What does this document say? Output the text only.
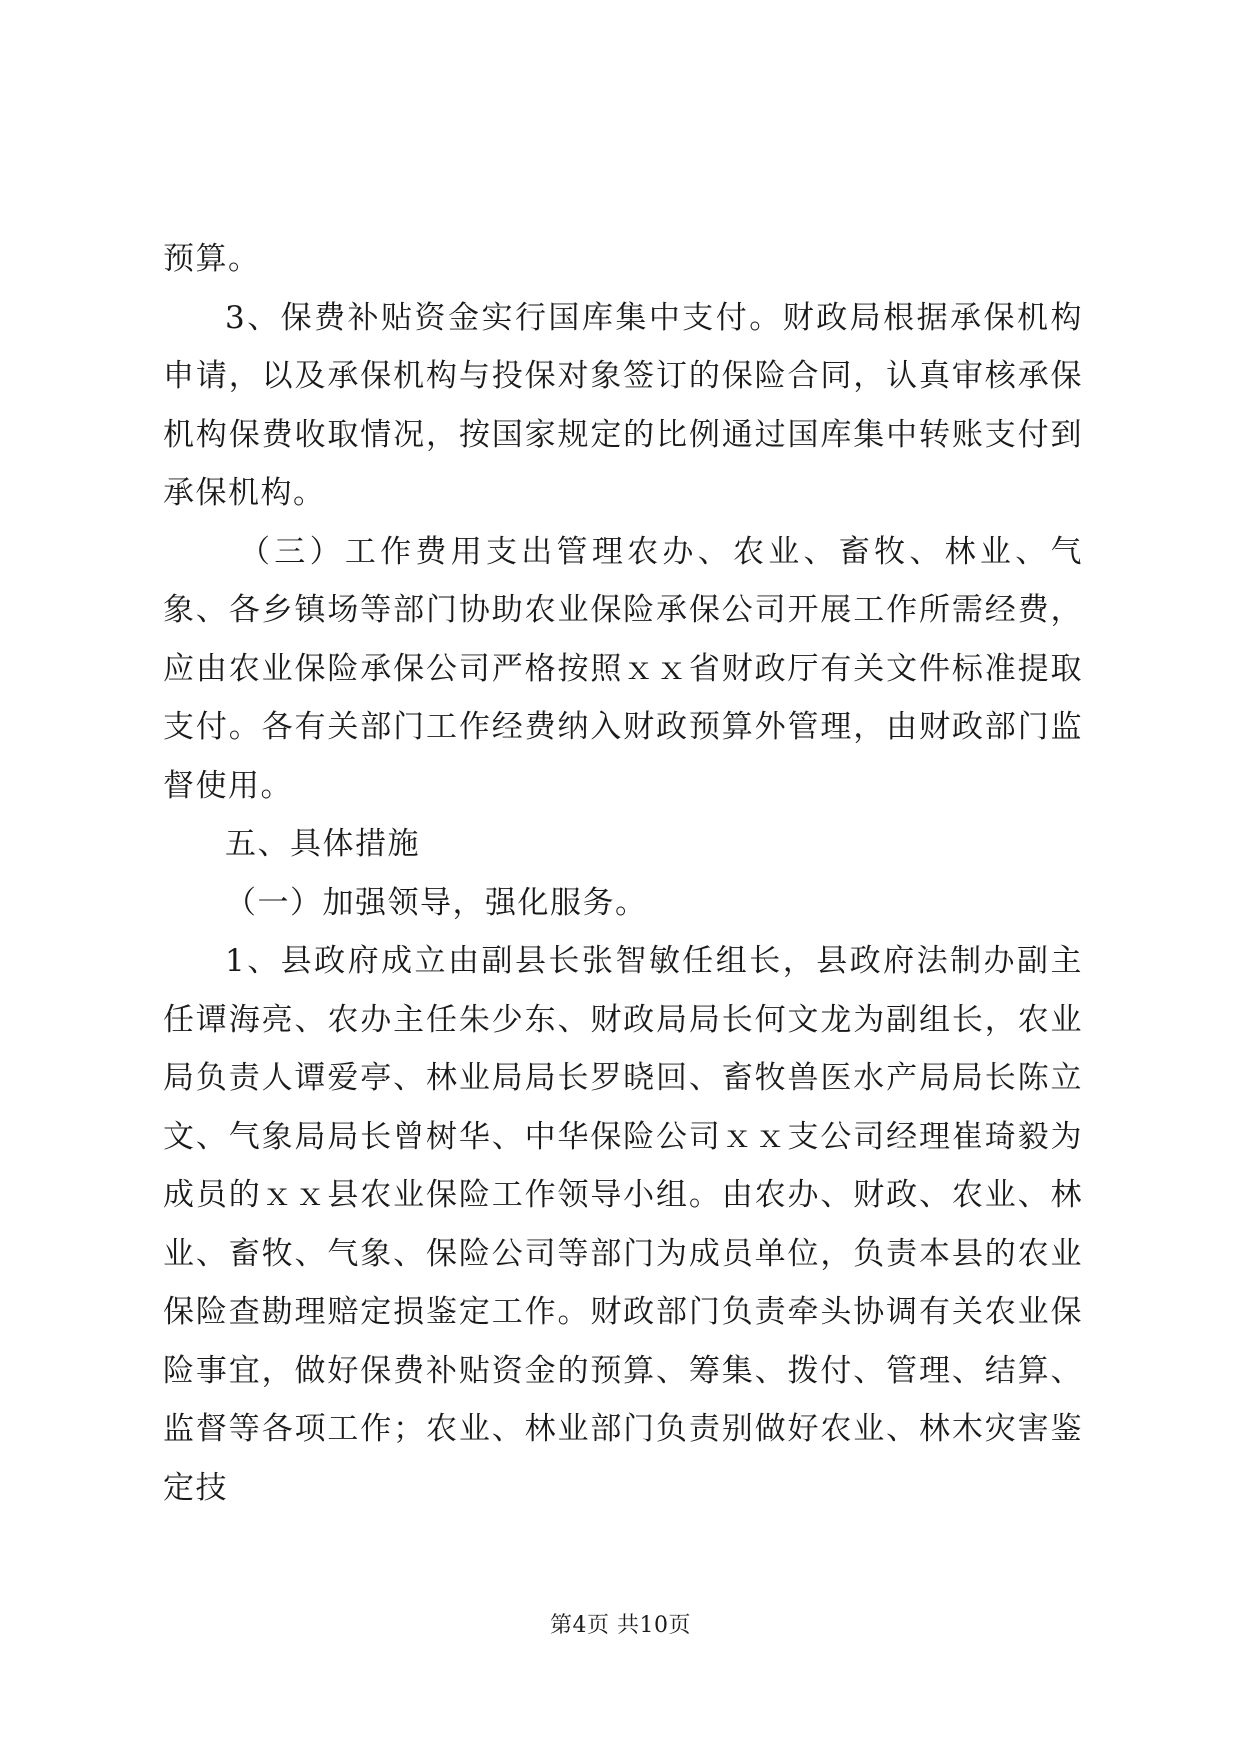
预算。

3、保费补贴资金实行国库集中支付。财政局根据承保机构申请，以及承保机构与投保对象签订的保险合同，认真审核承保机构保费收取情况，按国家规定的比例通过国库集中转账支付到承保机构。

（三）工作费用支出管理农办、农业、畜牧、林业、气象、各乡镇场等部门协助农业保险承保公司开展工作所需经费，应由农业保险承保公司严格按照ｘｘ省财政厅有关文件标准提取支付。各有关部门工作经费纳入财政预算外管理，由财政部门监督使用。

五、具体措施

（一）加强领导，强化服务。

1、县政府成立由副县长张智敏任组长，县政府法制办副主任谭海亮、农办主任朱少东、财政局局长何文龙为副组长，农业局负责人谭爱亭、林业局局长罗晓回、畜牧兽医水产局局长陈立文、气象局局长曾树华、中华保险公司ｘｘ支公司经理崔琦毅为成员的ｘｘ县农业保险工作领导小组。由农办、财政、农业、林业、畜牧、气象、保险公司等部门为成员单位，负责本县的农业保险查勘理赔定损鉴定工作。财政部门负责牵头协调有关农业保险事宜，做好保费补贴资金的预算、筹集、拨付、管理、结算、监督等各项工作；农业、林业部门负责别做好农业、林木灾害鉴定技

第4页 共10页
